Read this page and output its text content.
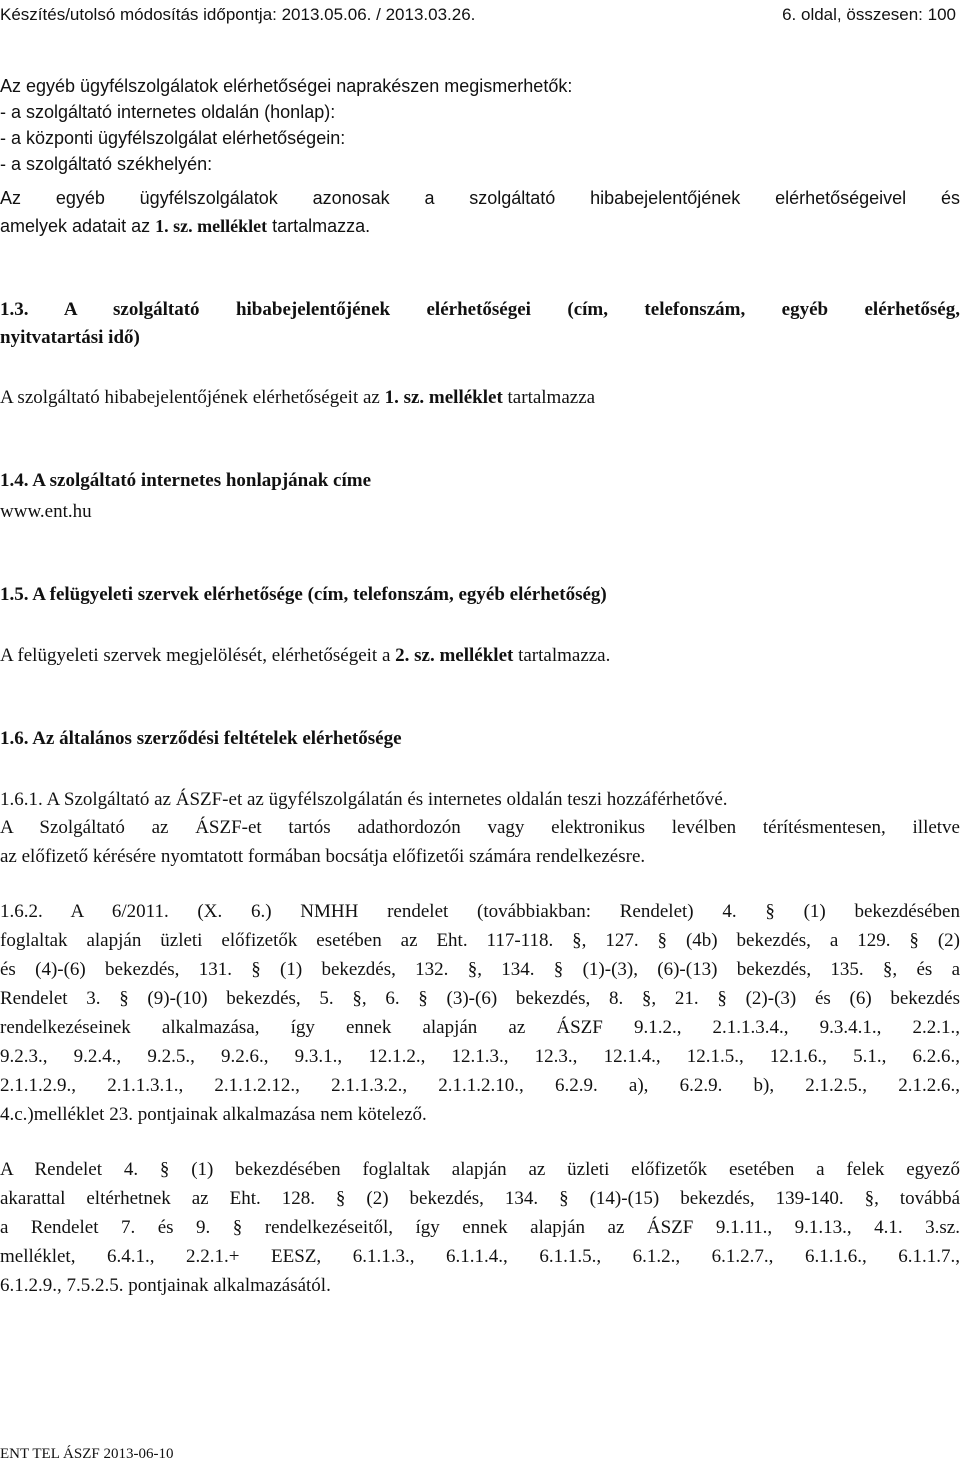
Készítés/utolsó módosítás időpontja: 2013.05.06. / 2013.03.26.	6. oldal, összesen: 100
Az egyéb ügyfélszolgálatok elérhetőségei naprakészen megismerhetők:
- a szolgáltató internetes oldalán (honlap):
- a központi ügyfélszolgálat elérhetőségein:
- a szolgáltató székhelyén:
Az egyéb ügyfélszolgálatok azonosak a szolgáltató hibabejelentőjének elérhetőségeivel és
amelyek adatait az 1. sz. melléklet tartalmazza.
1.3. A szolgáltató hibabejelentőjének elérhetőségei (cím, telefonszám, egyéb elérhetőség,
nyitvatartási idő)
A szolgáltató hibabejelentőjének elérhetőségeit az 1. sz. melléklet tartalmazza
1.4. A szolgáltató internetes honlapjának címe
www.ent.hu
1.5. A felügyeleti szervek elérhetősége (cím, telefonszám, egyéb elérhetőség)
A felügyeleti szervek megjelölését, elérhetőségeit a 2. sz. melléklet tartalmazza.
1.6. Az általános szerződési feltételek elérhetősége
1.6.1. A Szolgáltató az ÁSZF-et az ügyfélszolgálatán és internetes oldalán teszi hozzáférhetővé.
A Szolgáltató az ÁSZF-et tartós adathordozón vagy elektronikus levélben térítésmentesen, illetve
az előfizető kérésére nyomtatott formában bocsátja előfizetői számára rendelkezésre.
1.6.2. A 6/2011. (X. 6.) NMHH rendelet (továbbiakban: Rendelet) 4. § (1) bekezdésében
foglaltak alapján üzleti előfizetők esetében az Eht. 117-118. §, 127. § (4b) bekezdés, a 129. § (2)
és (4)-(6) bekezdés, 131. § (1) bekezdés, 132. §, 134. § (1)-(3), (6)-(13) bekezdés, 135. §, és a
Rendelet 3. § (9)-(10) bekezdés, 5. §, 6. § (3)-(6) bekezdés, 8. §, 21. § (2)-(3) és (6) bekezdés
rendelkezéseinek alkalmazása, így ennek alapján az ÁSZF 9.1.2., 2.1.1.3.4., 9.3.4.1., 2.2.1.,
9.2.3., 9.2.4., 9.2.5., 9.2.6., 9.3.1., 12.1.2., 12.1.3., 12.3., 12.1.4., 12.1.5., 12.1.6., 5.1., 6.2.6.,
2.1.1.2.9., 2.1.1.3.1., 2.1.1.2.12., 2.1.1.3.2., 2.1.1.2.10., 6.2.9. a), 6.2.9. b), 2.1.2.5., 2.1.2.6.,
4.c.)melléklet 23. pontjainak alkalmazása nem kötelező.
A Rendelet 4. § (1) bekezdésében foglaltak alapján az üzleti előfizetők esetében a felek egyező
akarattal eltérhetnek az Eht. 128. § (2) bekezdés, 134. § (14)-(15) bekezdés, 139-140. §, továbbá
a Rendelet 7. és 9. § rendelkezéseitől, így ennek alapján az ÁSZF 9.1.11., 9.1.13., 4.1. 3.sz.
melléklet, 6.4.1., 2.2.1.+ EESZ, 6.1.1.3., 6.1.1.4., 6.1.1.5., 6.1.2., 6.1.2.7., 6.1.1.6., 6.1.1.7.,
6.1.2.9., 7.5.2.5. pontjainak alkalmazásától.
ENT TEL ÁSZF 2013-06-10
